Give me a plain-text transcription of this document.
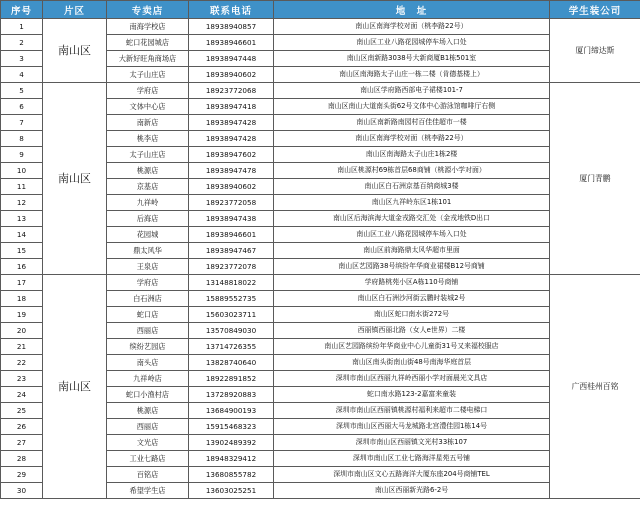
序号	片区	专卖店	联系电话	地　址	学生装公司
1	南山区	南海学校店	18938940857	南山区南海学校对面（桃李路22号）	厦门缔达斯
2		蛇口花园城店	18938946601	南山区工业八路花园城停车场入口处	
3		大新好旺角商场店	18938947448	南山区南新路3038号大新商厦B1栋501室	
4		太子山庄店	18938940602	南山区南海路太子山庄一栋二楼（肯德基楼上）	
5	南山区	学府店	18923772068	南山区学府路西部电子裙楼101-7	厦门青鹏
6		文体中心店	18938947418	南山区南山大道南头街62号文体中心游泳馆咖啡厅右侧	
7		南新店	18938947428	南山区南新路南园村百佳佳超市一楼	
8		桃李店	18938947428	南山区南海学校对面（桃李路22号）	
9		太子山庄店	18938947602	南山区南海路太子山庄1栋2楼	
10		桃源店	18938947478	南山区桃源村69栋首层68商铺（桃源小学对面）	
11		京基店	18938940602	南山区白石洲京基百纳商城3楼	
12		九祥岭	18923772058	南山区九祥岭东区1栋101	
13		后海店	18938947438	南山区后海滨海大道金戎路交汇处（金戎地铁D出口	
14		花园城	18938946601	南山区工业八路花园城停车场入口处	
15		鼎太风华	18938947467	南山区前海路鼎太风华超市里面	
16		王泉店	18923772078	南山区艺园路38号缤纷年华商业裙楼B12号商铺	
17	南山区	学府店	13148818022	学府路桃苑小区A栋110号商铺	广西桂州百铭
18		白石洲店	15889552735	南山区白石洲沙河街云鹏时装城2号	
19		蛇口店	15603023711	南山区蛇口南水街272号	
20		西丽店	13570849030	西丽镇西丽北路（女人e世界）二楼	
21		缤纷艺园店	13714726355	南山区艺园路缤纷年华商业中心儿童街31号又来福校服店	
22		南头店	13828740640	南山区南头街南山街48号南海华庭首层	
23		九祥岭店	18922891852	深圳市南山区西丽九祥岭西丽小学对面晨光文具店	
24		蛇口小渔村店	13728920883	蛇口南水路123-2嘉富来童装	
25		桃源店	13684900193	深圳市南山区西丽镇桃源村福利来超市二楼电梯口	
26		西丽店	15915468323	深圳市南山区西丽大马龙城路北宫澧佳园1栋14号	
27		文光店	13902489392	深圳市南山区西丽镇文光村33栋107	
28		工业七路店	18948329412	深圳市南山区工业七路海洋星苑五号铺	
29		百铭店	13680855782	深圳市南山区文心五路海洋大厦东座204号商铺TEL	
30		希望学生店	13603025251	南山区西丽新光路6-2号	
